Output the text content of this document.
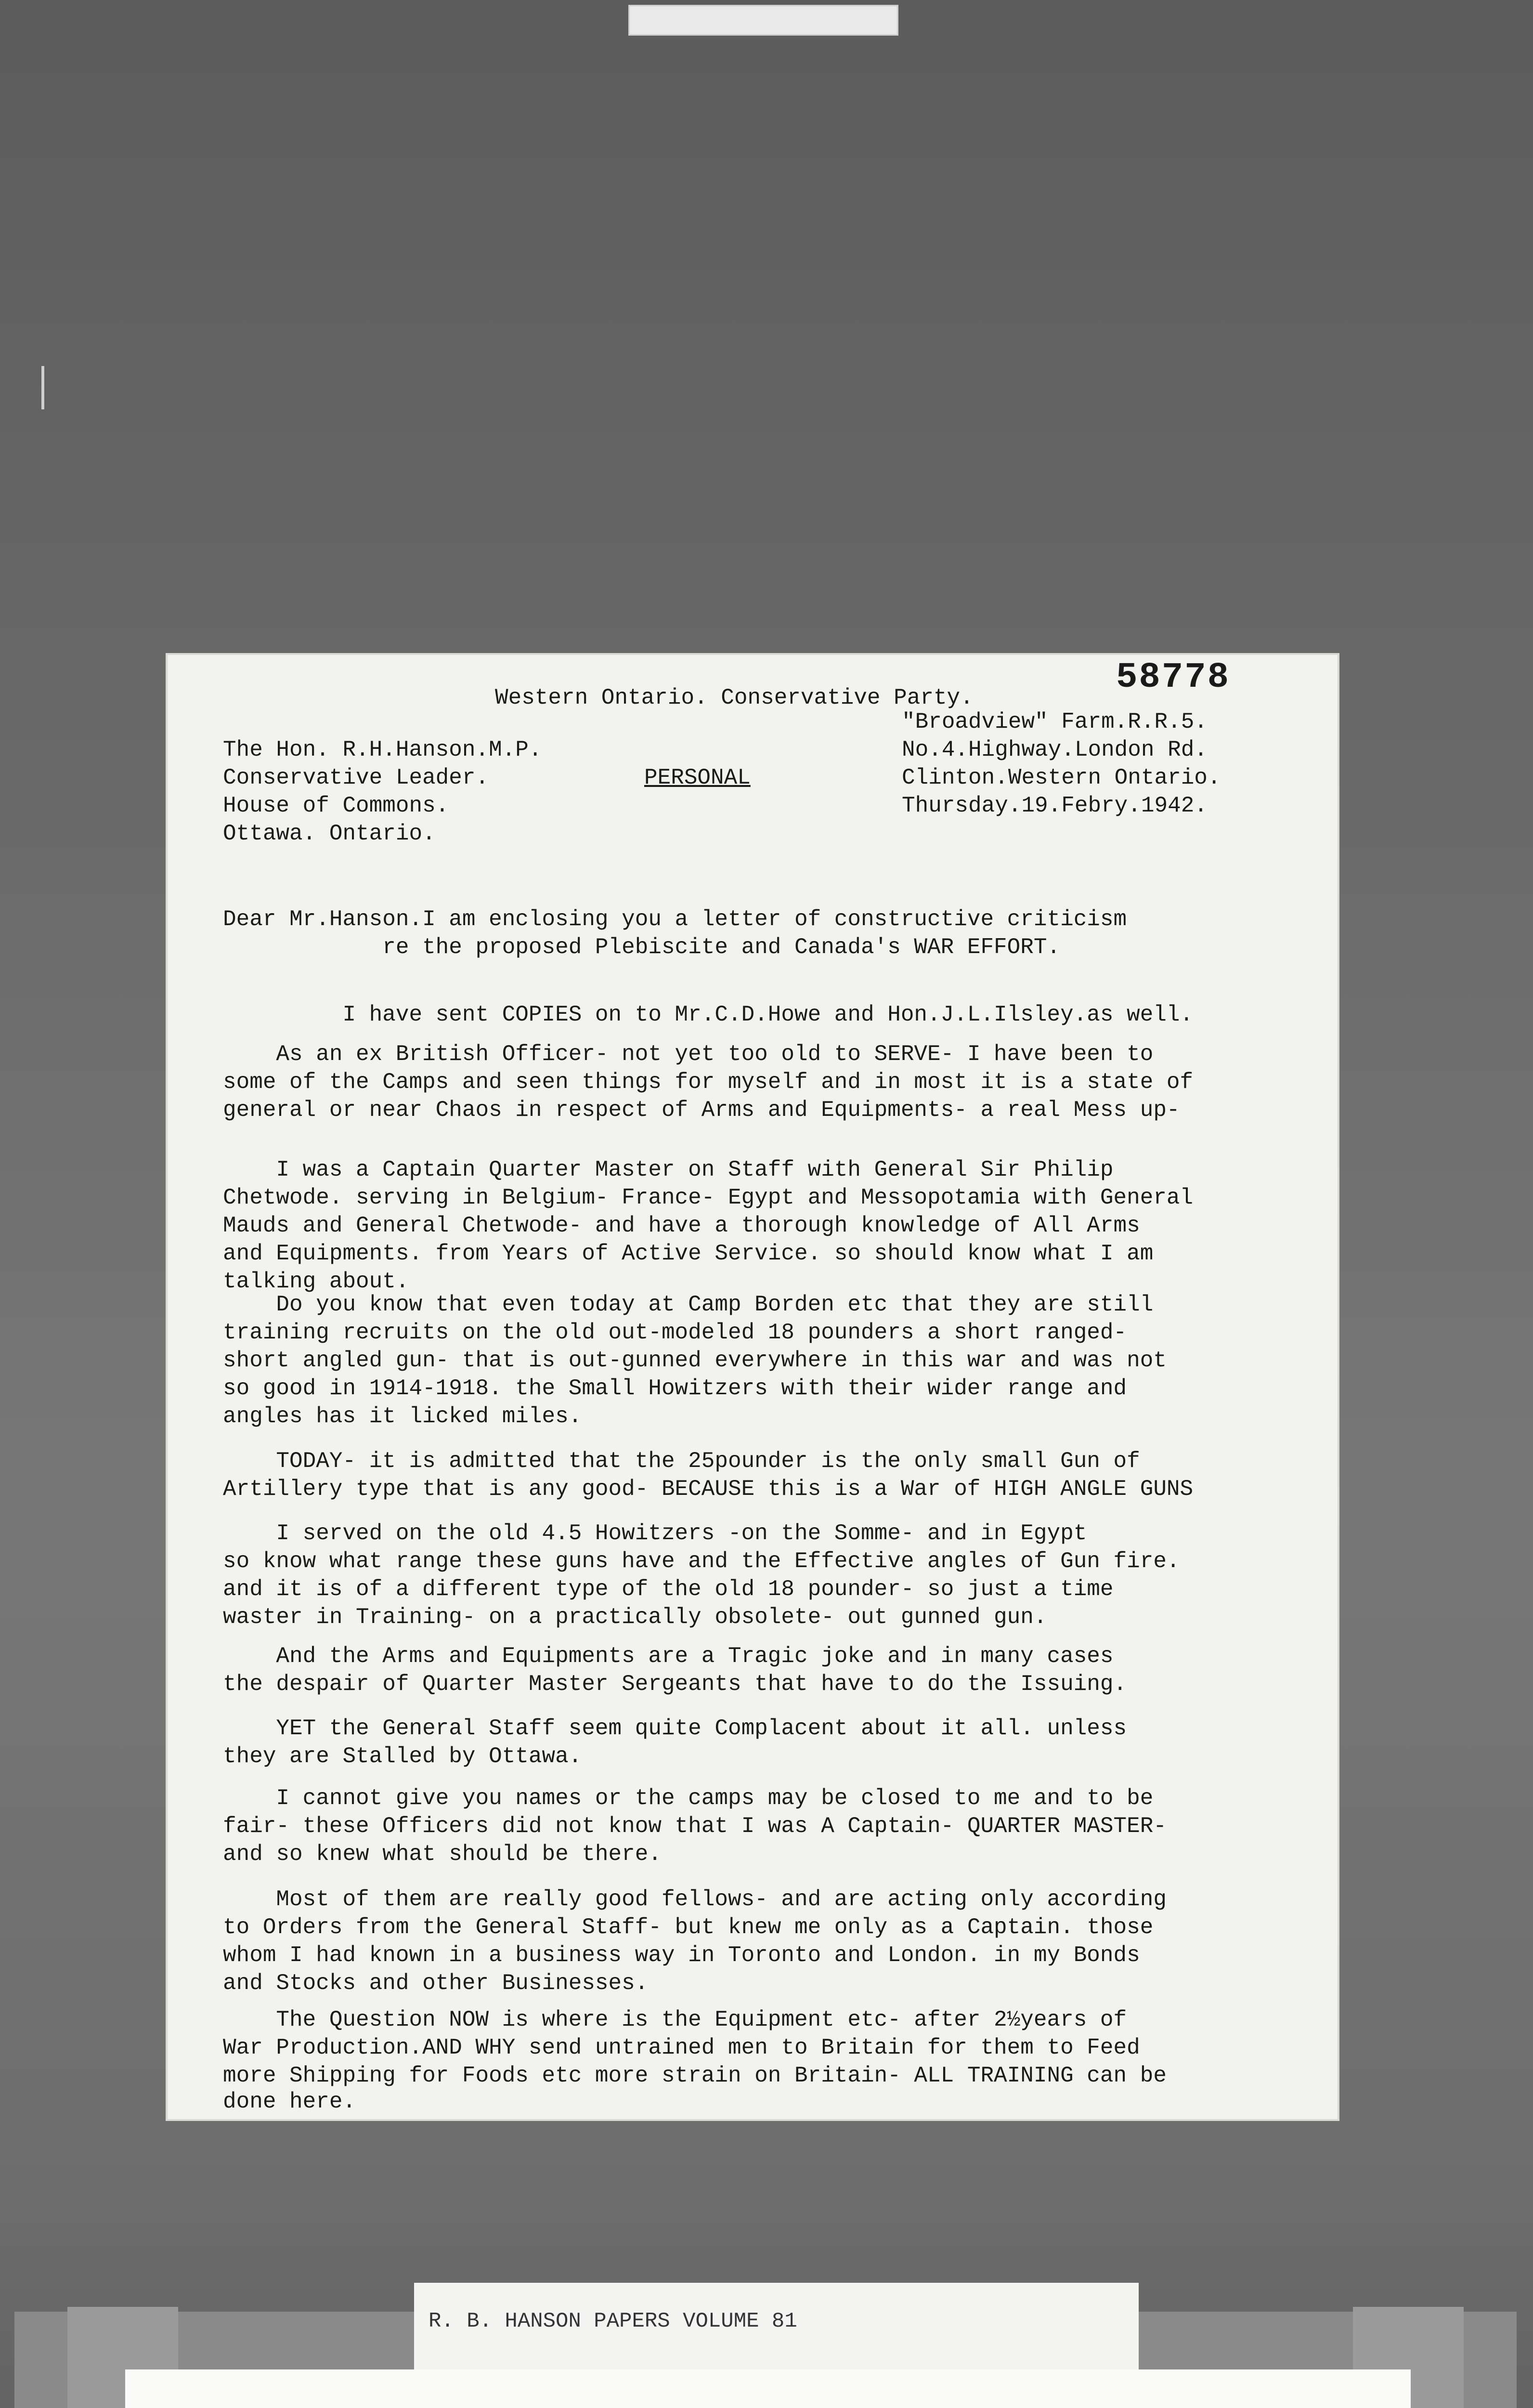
Western Ontario. Conservative Party.	58778
"Broadview" Farm.R.R.5.
No.4.Highway.London Rd.
Clinton.Western Ontario.
Thursday.19.Febry.1942.
The Hon. R.H.Hanson.M.P.
Conservative Leader.
House of Commons.
Ottawa. Ontario.
PERSONAL
Dear Mr.Hanson.I am enclosing you a letter of constructive criticism
re the proposed Plebiscite and Canada's WAR EFFORT.
I have sent COPIES on to Mr.C.D.Howe and Hon.J.L.Ilsley.as well.
As an ex British Officer- not yet too old to SERVE- I have been to
some of the Camps and seen things for myself and in most it is a state of
general or near Chaos in respect of Arms and Equipments- a real Mess up-
I was a Captain Quarter Master on Staff with General Sir Philip
Chetwode. serving in Belgium- France- Egypt and Messopotamia with General
Mauds and General Chetwode- and have a thorough knowledge of All Arms
and Equipments. from Years of Active Service. so should know what I am
talking about.
Do you know that even today at Camp Borden etc that they are still
training recruits on the old out-modeled 18 pounders a short ranged-
short angled gun- that is out-gunned everywhere in this war and was not
so good in 1914-1918. the Small Howitzers with their wider range and
angles has it licked miles.
TODAY- it is admitted that the 25pounder is the only small Gun of
Artillery type that is any good- BECAUSE this is a War of HIGH ANGLE GUNS
I served on the old 4.5 Howitzers -on the Somme- and in Egypt
so know what range these guns have and the Effective angles of Gun fire.
and it is of a different type of the old 18 pounder- so just a time
waster in Training- on a practically obsolete- out gunned gun.
And the Arms and Equipments are a Tragic joke and in many cases
the despair of Quarter Master Sergeants that have to do the Issuing.
YET the General Staff seem quite Complacent about it all. unless
they are Stalled by Ottawa.
I cannot give you names or the camps may be closed to me and to be
fair- these Officers did not know that I was A Captain- QUARTER MASTER-
and so knew what should be there.
Most of them are really good fellows- and are acting only according
to Orders from the General Staff- but knew me only as a Captain. those
whom I had known in a business way in Toronto and London. in my Bonds
and Stocks and other Businesses.
The Question NOW is where is the Equipment etc- after 2½years of
War Production.AND WHY send untrained men to Britain for them to Feed
more Shipping for Foods etc more strain on Britain- ALL TRAINING can be
done here.
R. B. HANSON PAPERS VOLUME 81
